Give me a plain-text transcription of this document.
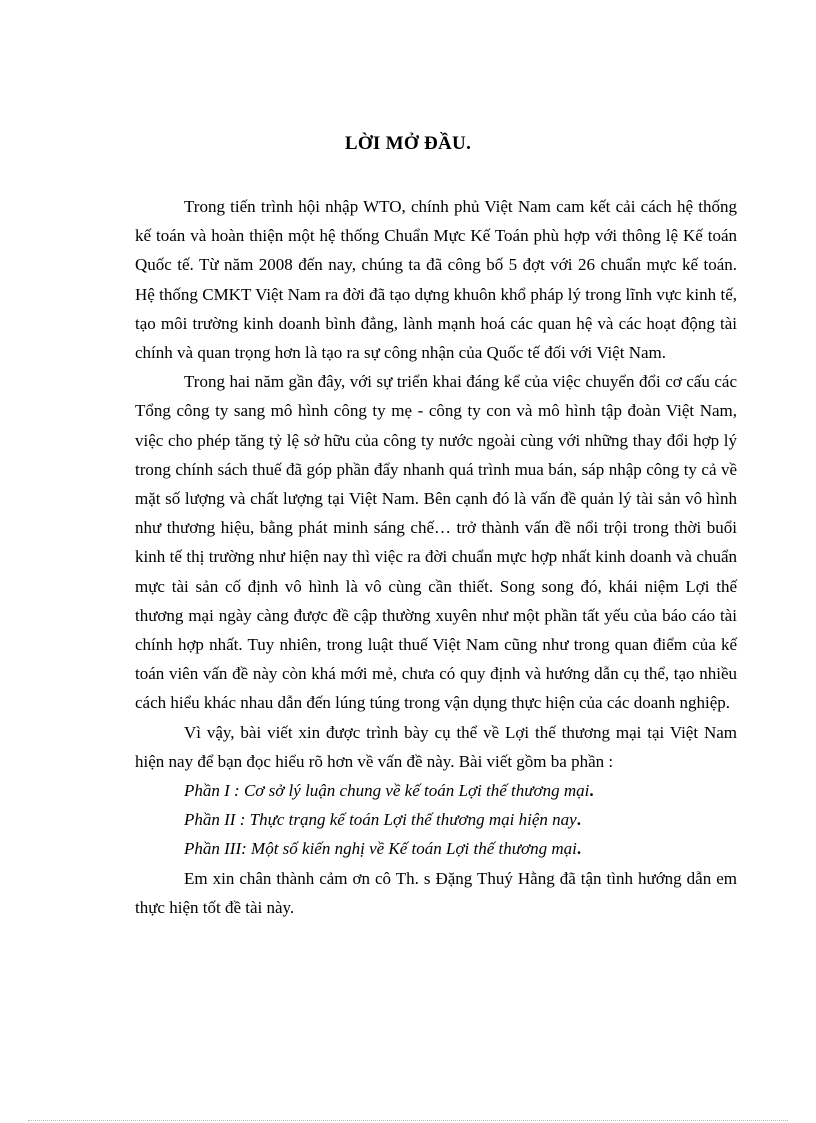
LỜI MỞ ĐẦU.

Trong tiến trình hội nhập WTO, chính phủ Việt Nam cam kết cải cách hệ thống kế toán và hoàn thiện một hệ thống Chuẩn Mực Kế Toán phù hợp với thông lệ Kế toán Quốc tế. Từ năm 2008 đến nay, chúng ta đã công bố 5 đợt với 26 chuẩn mực kế toán. Hệ thống CMKT Việt Nam ra đời đã tạo dựng khuôn khổ pháp lý trong lĩnh vực kinh tế, tạo môi trường kinh doanh bình đẳng, lành mạnh hoá các quan hệ và các hoạt động tài chính và quan trọng hơn là tạo ra sự công nhận của Quốc tế đối với Việt Nam.

Trong hai năm gần đây, với sự triển khai đáng kể của việc chuyển đổi cơ cấu các Tổng công ty sang mô hình công ty mẹ - công ty con và mô hình tập đoàn Việt Nam, việc cho phép tăng tỷ lệ sở hữu của công ty nước ngoài cùng với những thay đổi hợp lý trong chính sách thuế đã góp phần đẩy nhanh quá trình mua bán, sáp nhập công ty cả về mặt số lượng và chất lượng tại Việt Nam. Bên cạnh đó là vấn đề quản lý tài sản vô hình như thương hiệu, bằng phát minh sáng chế… trở thành vấn đề nổi trội trong thời buổi kinh tế thị trường như hiện nay thì việc ra đời chuẩn mực hợp nhất kinh doanh và chuẩn mực tài sản cố định vô hình là vô cùng cần thiết. Song song đó, khái niệm Lợi thế thương mại ngày càng được đề cập thường xuyên như một phần tất yếu của báo cáo tài chính hợp nhất. Tuy nhiên, trong luật thuế Việt Nam cũng như trong quan điểm của kế toán viên vấn đề này còn khá mới mẻ, chưa có quy định và hướng dẫn cụ thể, tạo nhiều cách hiểu khác nhau dẫn đến lúng túng trong vận dụng thực hiện của các doanh nghiệp.

Vì vậy, bài viết xin được trình bày cụ thể về Lợi thế thương mại tại Việt Nam hiện nay để bạn đọc hiểu rõ hơn về vấn đề này. Bài viết gồm ba phần :

Phần I : Cơ sở lý luận chung về kế toán Lợi thế thương mại.

Phần II : Thực trạng kế toán Lợi thế thương mại hiện nay.

Phần III: Một số kiến nghị về Kế toán Lợi thế thương mại.

Em xin chân thành cảm ơn cô Th. s Đặng Thuý Hằng đã tận tình hướng dẫn em thực hiện tốt đề tài này.
